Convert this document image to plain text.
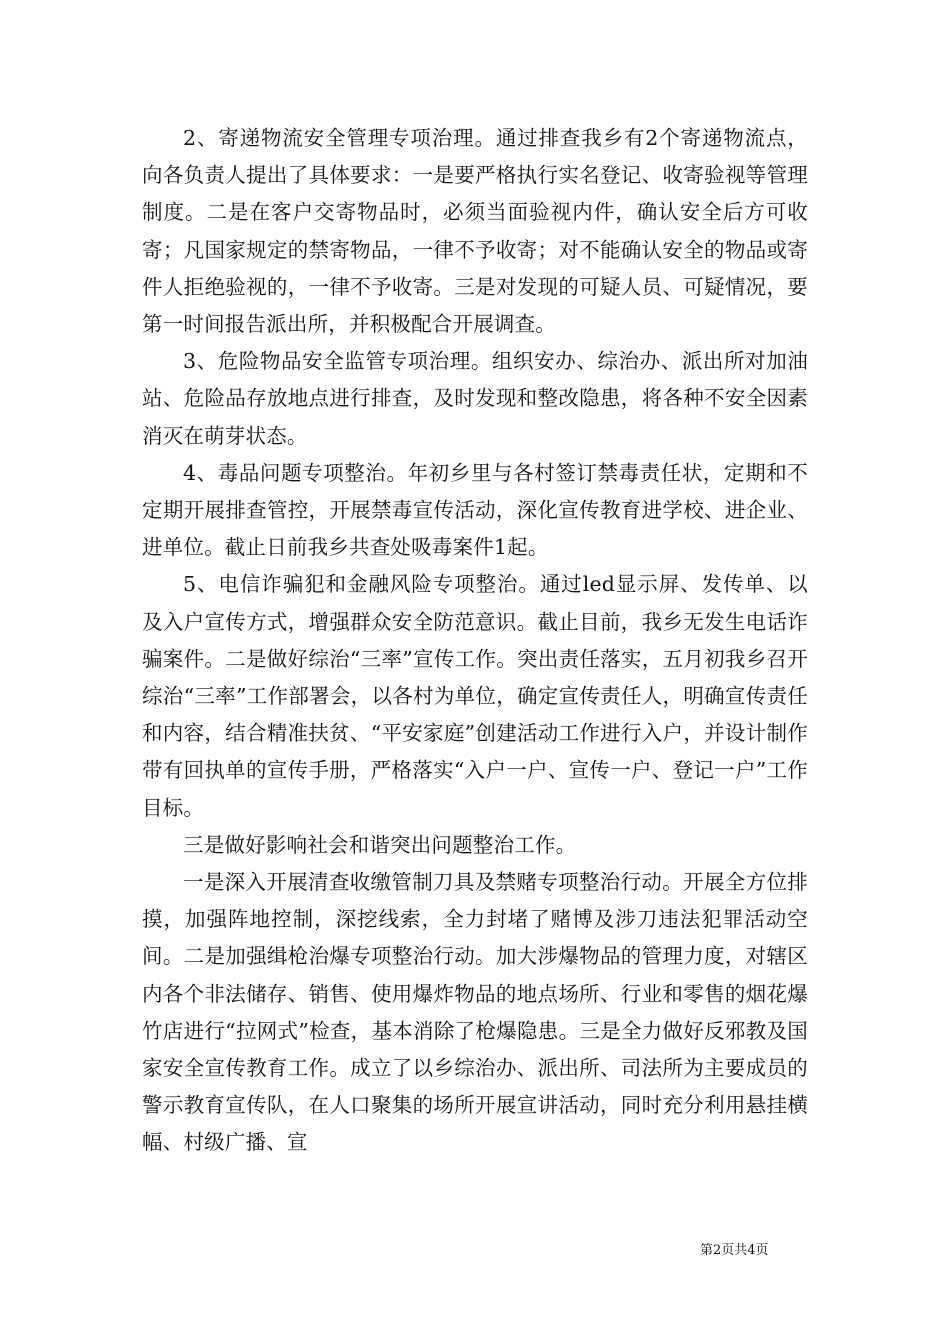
2、寄递物流安全管理专项治理。通过排查我乡有2个寄递物流点，向各负责人提出了具体要求：一是要严格执行实名登记、收寄验视等管理制度。二是在客户交寄物品时，必须当面验视内件，确认安全后方可收寄；凡国家规定的禁寄物品，一律不予收寄；对不能确认安全的物品或寄件人拒绝验视的，一律不予收寄。三是对发现的可疑人员、可疑情况，要第一时间报告派出所，并积极配合开展调查。

3、危险物品安全监管专项治理。组织安办、综治办、派出所对加油站、危险品存放地点进行排查，及时发现和整改隐患，将各种不安全因素消灭在萌芽状态。

4、毒品问题专项整治。年初乡里与各村签订禁毒责任状，定期和不定期开展排查管控，开展禁毒宣传活动，深化宣传教育进学校、进企业、进单位。截止日前我乡共查处吸毒案件1起。

5、电信诈骗犯和金融风险专项整治。通过led显示屏、发传单、以及入户宣传方式，增强群众安全防范意识。截止目前，我乡无发生电话诈骗案件。二是做好综治“三率”宣传工作。突出责任落实，五月初我乡召开综治“三率”工作部署会，以各村为单位，确定宣传责任人，明确宣传责任和内容，结合精准扶贫、“平安家庭”创建活动工作进行入户，并设计制作带有回执单的宣传手册，严格落实“入户一户、宣传一户、登记一户”工作目标。

三是做好影响社会和谐突出问题整治工作。

一是深入开展清查收缴管制刀具及禁赌专项整治行动。开展全方位排摸，加强阵地控制，深挖线索，全力封堵了赌博及涉刀违法犯罪活动空间。二是加强缉枪治爆专项整治行动。加大涉爆物品的管理力度，对辖区内各个非法储存、销售、使用爆炸物品的地点场所、行业和零售的烟花爆竹店进行“拉网式”检查，基本消除了枪爆隐患。三是全力做好反邪教及国家安全宣传教育工作。成立了以乡综治办、派出所、司法所为主要成员的警示教育宣传队，在人口聚集的场所开展宣讲活动，同时充分利用悬挂横幅、村级广播、宣

第2页共4页
